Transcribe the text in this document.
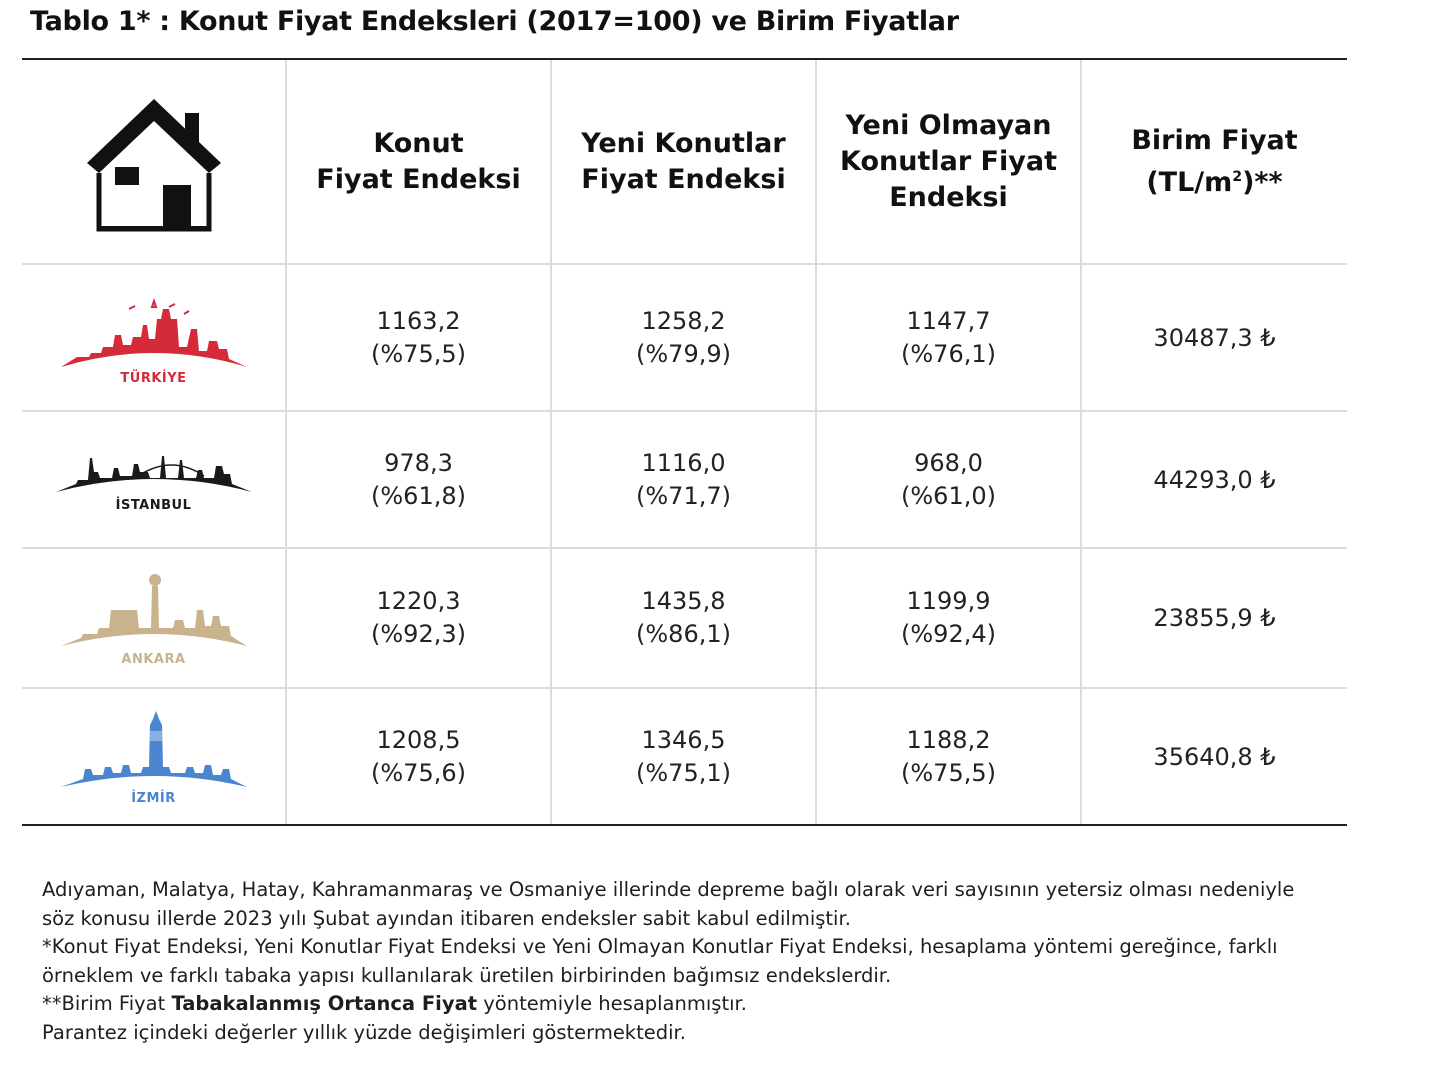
Tablo 1* : Konut Fiyat Endeksleri (2017=100) ve Birim Fiyatlar
Konut
Fiyat Endeksi
Yeni Konutlar
Fiyat Endeksi
Yeni Olmayan
Konutlar Fiyat
Endeksi
Birim Fiyat
$(TL/m^2)**$
TÜRKİYE
1163,2
(%75,5)
1258,2
(%79,9)
1147,7
(%76,1)
30487,3 ₺
İSTANBUL
978,3
(%61,8)
1116,0
(%71,7)
968,0
(%61,0)
44293,0 ₺
ANKARA
1220,3
(%92,3)
1435,8
(%86,1)
1199,9
(%92,4)
23855,9 ₺
İZMİR
1208,5
(%75,6)
1346,5
(%75,1)
1188,2
(%75,5)
35640,8 ₺

Adıyaman, Malatya, Hatay, Kahramanmaraş ve Osmaniye illerinde depreme bağlı olarak veri sayısının yetersiz olması nedeniyle

söz konusu illerde 2023 yılı Şubat ayından itibaren endeksler sabit kabul edilmiştir.

*Konut Fiyat Endeksi, Yeni Konutlar Fiyat Endeksi ve Yeni Olmayan Konutlar Fiyat Endeksi, hesaplama yöntemi gereğince, farklı

örneklem ve farklı tabaka yapısı kullanılarak üretilen birbirinden bağımsız endekslerdir.

**Birim Fiyat Tabakalanmış Ortanca Fiyat yöntemiyle hesaplanmıştır.

Parantez içindeki değerler yıllık yüzde değişimleri göstermektedir.
